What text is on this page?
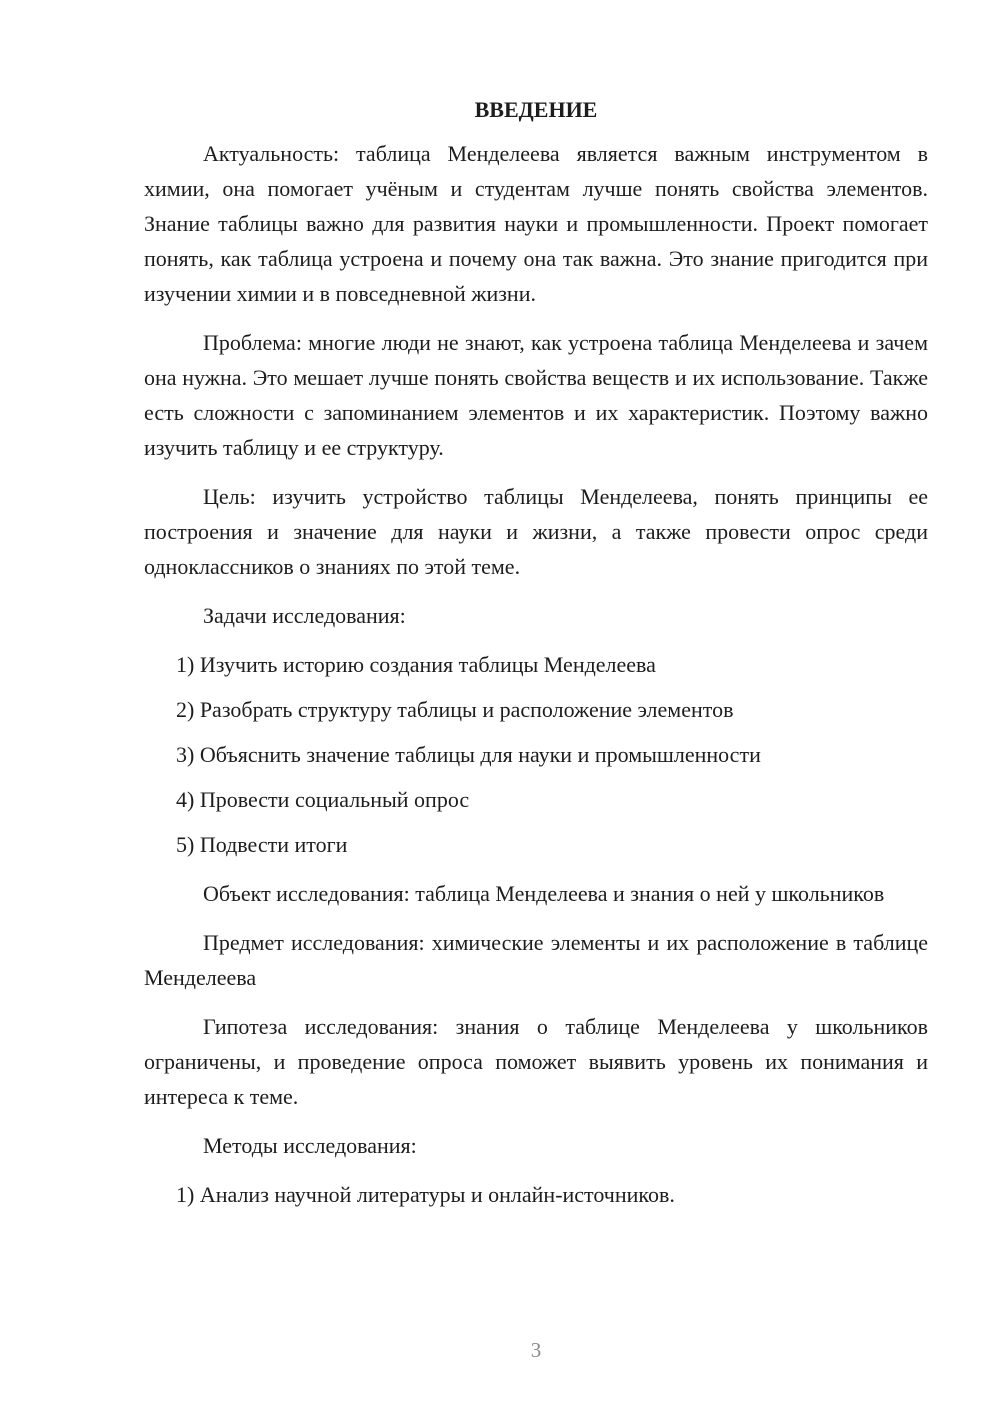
ВВЕДЕНИЕ

Актуальность: таблица Менделеева является важным инструментом в химии, она помогает учёным и студентам лучше понять свойства элементов. Знание таблицы важно для развития науки и промышленности. Проект помогает понять, как таблица устроена и почему она так важна. Это знание пригодится при изучении химии и в повседневной жизни.

Проблема: многие люди не знают, как устроена таблица Менделеева и зачем она нужна. Это мешает лучше понять свойства веществ и их использование. Также есть сложности с запоминанием элементов и их характеристик. Поэтому важно изучить таблицу и ее структуру.

Цель: изучить устройство таблицы Менделеева, понять принципы ее построения и значение для науки и жизни, а также провести опрос среди одноклассников о знаниях по этой теме.

Задачи исследования:
1) Изучить историю создания таблицы Менделеева
2) Разобрать структуру таблицы и расположение элементов
3) Объяснить значение таблицы для науки и промышленности
4) Провести социальный опрос
5) Подвести итоги

Объект исследования: таблица Менделеева и знания о ней у школьников

Предмет исследования: химические элементы и их расположение в таблице Менделеева

Гипотеза исследования: знания о таблице Менделеева у школьников ограничены, и проведение опроса поможет выявить уровень их понимания и интереса к теме.

Методы исследования:
1) Анализ научной литературы и онлайн-источников.
3
